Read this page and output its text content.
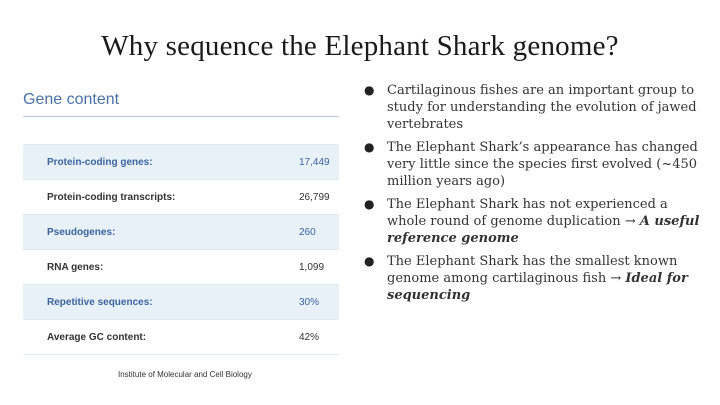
Why sequence the Elephant Shark genome?
Gene content
Protein-coding genes:	17,449
Protein-coding transcripts:	26,799
Pseudogenes:	260
RNA genes:	1,099
Repetitive sequences:	30%
Average GC content:	42%
Institute of Molecular and Cell Biology
● Cartilaginous fishes are an important group to study for understanding the evolution of jawed vertebrates
● The Elephant Shark’s appearance has changed very little since the species first evolved (~450 million years ago)
● The Elephant Shark has not experienced a whole round of genome duplication → A useful reference genome
● The Elephant Shark has the smallest known genome among cartilaginous fish → Ideal for sequencing
